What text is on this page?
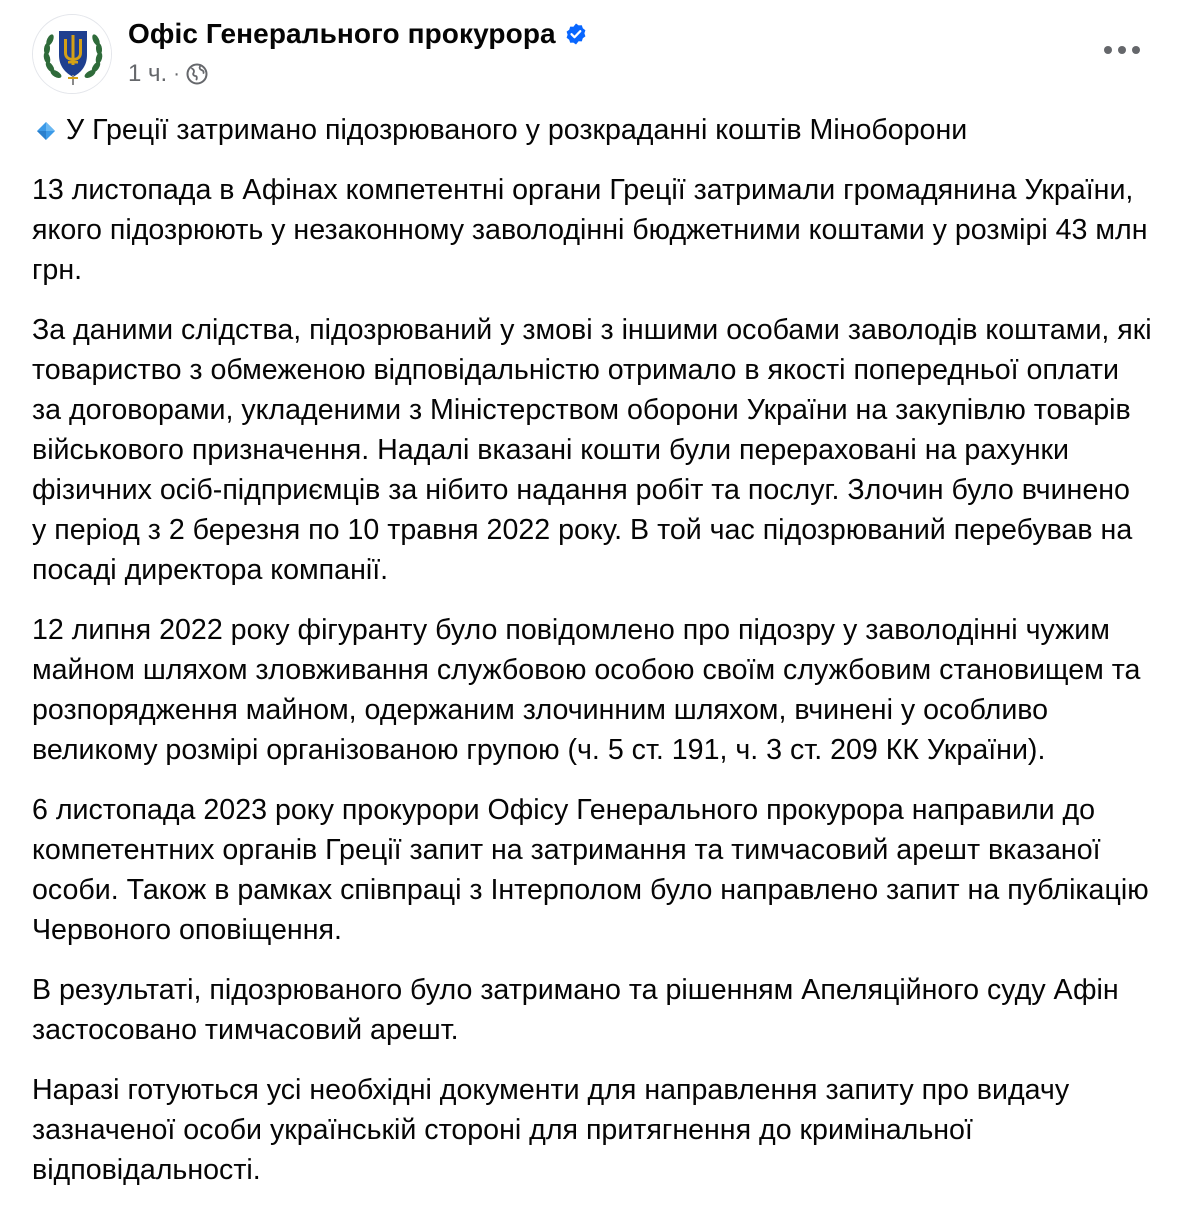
Офіс Генерального прокурора
1 ч. ·

У Греції затримано підозрюваного у розкраданні коштів Міноборони

13 листопада в Афінах компетентні органи Греції затримали громадянина України, якого підозрюють у незаконному заволодінні бюджетними коштами у розмірі 43 млн грн.

За даними слідства, підозрюваний у змові з іншими особами заволодів коштами, які товариство з обмеженою відповідальністю отримало в якості попередньої оплати за договорами, укладеними з Міністерством оборони України на закупівлю товарів військового призначення. Надалі вказані кошти були перераховані на рахунки фізичних осіб-підприємців за нібито надання робіт та послуг. Злочин було вчинено у період з 2 березня по 10 травня 2022 року. В той час підозрюваний перебував на посаді директора компанії.

12 липня 2022 року фігуранту було повідомлено про підозру у заволодінні чужим майном шляхом зловживання службовою особою своїм службовим становищем та розпорядження майном, одержаним злочинним шляхом, вчинені у особливо великому розмірі організованою групою (ч. 5 ст. 191, ч. 3 ст. 209 КК України).

6 листопада 2023 року прокурори Офісу Генерального прокурора направили до компетентних органів Греції запит на затримання та тимчасовий арешт вказаної особи. Також в рамках співпраці з Інтерполом було направлено запит на публікацію Червоного оповіщення.

В результаті, підозрюваного було затримано та рішенням Апеляційного суду Афін застосовано тимчасовий арешт.

Наразі готуються усі необхідні документи для направлення запиту про видачу зазначеної особи українській стороні для притягнення до кримінальної відповідальності.
